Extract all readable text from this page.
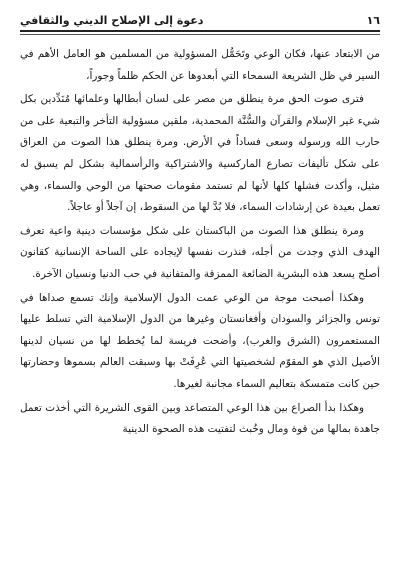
١٦
دعوة إلى الإصلاح الديني والثقافي

من الابتعاد عنها، فكان الوعي وتَحَمُّل المسؤولية من المسلمين هو العامل الأهم في السير في ظل الشريعة السمحاء التي أبعدوها عن الحكم ظلماً وجوراً،

فترى صوت الحق مرة ينطلق من مصر على لسان أبطالها وعلمائها مُنَدِّدين بكل شيء غير الإسلام والقرآن والسُّنَّة المحمدية، ملقين مسؤولية التأخر والتبعية على من حارب الله ورسوله وسعى فساداً في الأرض. ومرة ينطلق هذا الصوت من العراق على شكل تأليفات تصارع الماركسية والاشتراكية والرأسمالية بشكل لم يسبق له مثيل، وأكدت فشلها كلها لأنها لم تستمد مقومات صحتها من الوحي والسماء، وهي تعمل بعيدة عن إرشادات السماء، فلا بُدَّ لها من السقوط، إن آجلاً أو عاجلاً.

ومرة ينطلق هذا الصوت من الباكستان على شكل مؤسسات دينية واعية تعرف الهدف الذي وجدت من أجله، فنذرت نفسها لإيجاده على الساحة الإنسانية كقانون أصلح يسعد هذه البشرية الضائعة الممزقة والمتفانية في حب الدنيا ونسيان الآخرة.

وهكذا أصبحت موجة من الوعي عمت الدول الإسلامية وإنك تسمع صداها في تونس والجزائر والسودان وأفغانستان وغيرها من الدول الإسلامية التي تسلط عليها المستعمرون (الشرق والغرب)، وأضحت فريسة لما يُخطط لها من نسيان لدينها الأصيل الذي هو المقوّم لشخصيتها التي عُرِفَتْ بها وسبقت العالم بسموها وحضارتها حين كانت متمسكة بتعاليم السماء مجانبة لغيرها.

وهكذا بدأ الصراع بين هذا الوعي المتصاعد وبين القوى الشريرة التي أخذت تعمل جاهدة بمالها من قوة ومال وخُبث لتفتيت هذه الصحوة الدينية
